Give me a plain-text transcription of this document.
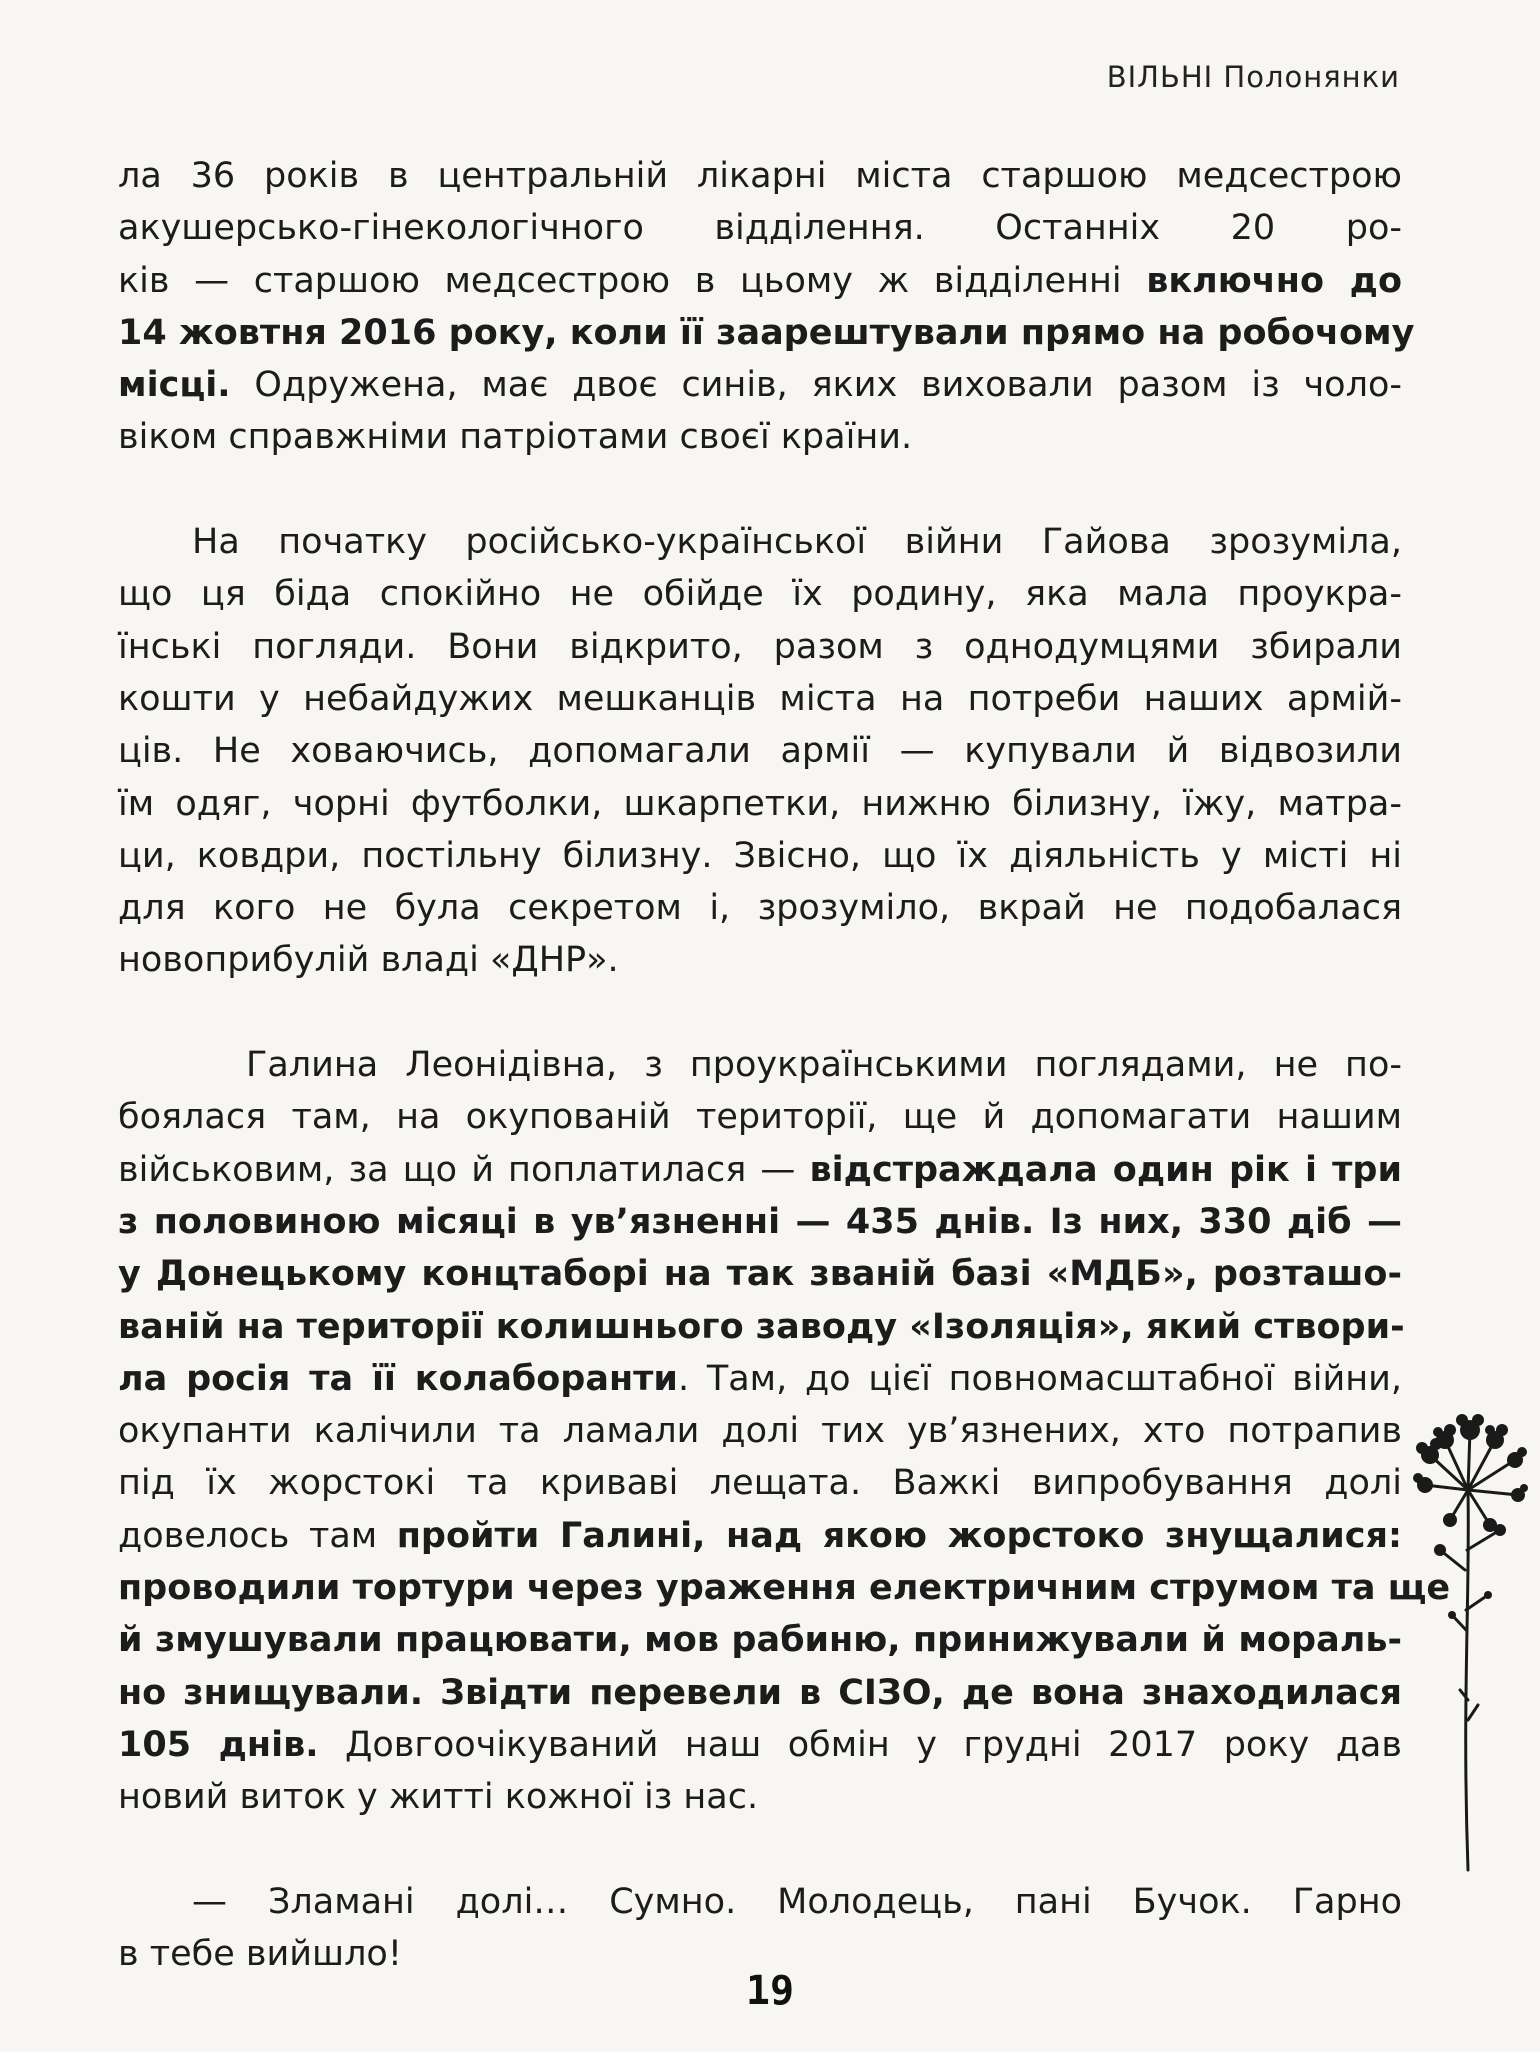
ВІЛЬНІ Полонянки
ла 36 років в центральній лікарні міста старшою медсестрою
акушерсько-гінекологічного відділення. Останніх 20 ро-
ків — старшою медсестрою в цьому ж відділенні включно до
14 жовтня 2016 року, коли її заарештували прямо на робочому
місці. Одружена, має двоє синів, яких виховали разом із чоло-
віком справжніми патріотами своєї країни.
На початку російсько-української війни Гайова зрозуміла,
що ця біда спокійно не обійде їх родину, яка мала проукра-
їнські погляди. Вони відкрито, разом з однодумцями збирали
кошти у небайдужих мешканців міста на потреби наших армій-
ців. Не ховаючись, допомагали армії — купували й відвозили
їм одяг, чорні футболки, шкарпетки, нижню білизну, їжу, матра-
ци, ковдри, постільну білизну. Звісно, що їх діяльність у місті ні
для кого не була секретом і, зрозуміло, вкрай не подобалася
новоприбулій владі «ДНР».
Галина Леонідівна, з проукраїнськими поглядами, не по-
боялася там, на окупованій території, ще й допомагати нашим
військовим, за що й поплатилася — відстраждала один рік і три
з половиною місяці в ув’язненні — 435 днів. Із них, 330 діб —
у Донецькому концтаборі на так званій базі «МДБ», розташо-
ваній на території колишнього заводу «Ізоляція», який створи-
ла росія та її колаборанти. Там, до цієї повномасштабної війни,
окупанти калічили та ламали долі тих ув’язнених, хто потрапив
під їх жорстокі та криваві лещата. Важкі випробування долі
довелось там пройти Галині, над якою жорстоко знущалися:
проводили тортури через ураження електричним струмом та ще
й змушували працювати, мов рабиню, принижували й мораль-
но знищували. Звідти перевели в СІЗО, де вона знаходилася
105 днів. Довгоочікуваний наш обмін у грудні 2017 року дав
новий виток у житті кожної із нас.
— Зламані долі… Сумно. Молодець, пані Бучок. Гарно
в тебе вийшло!
19
